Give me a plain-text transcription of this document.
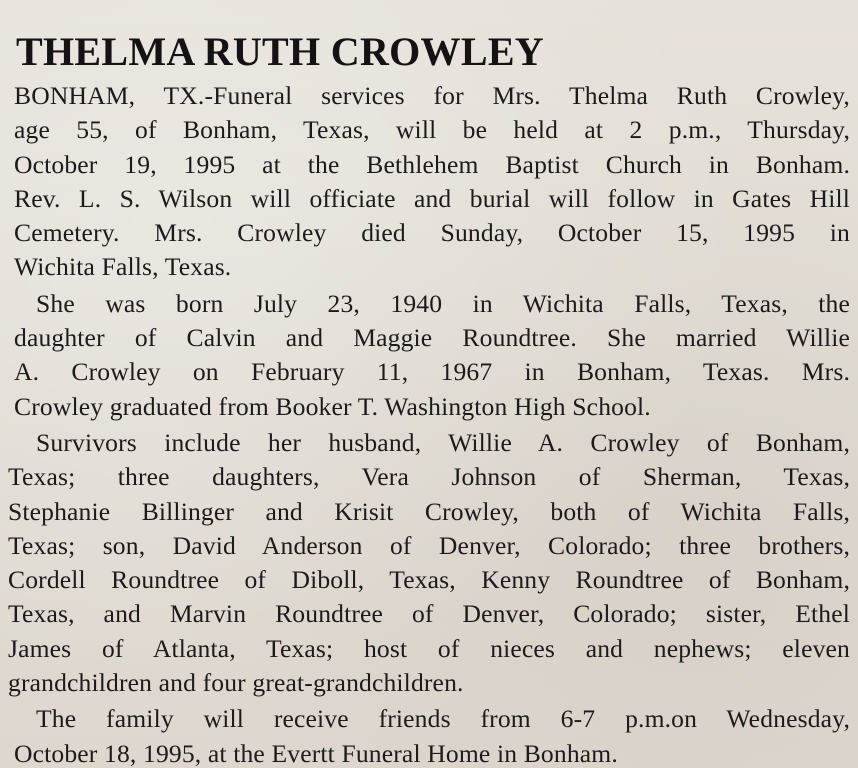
THELMA RUTH CROWLEY

BONHAM, TX.-Funeral services for Mrs. Thelma Ruth Crowley,
age 55, of Bonham, Texas, will be held at 2 p.m., Thursday,
October 19, 1995 at the Bethlehem Baptist Church in Bonham.
Rev. L. S. Wilson will officiate and burial will follow in Gates Hill
Cemetery. Mrs. Crowley died Sunday, October 15, 1995 in
Wichita Falls, Texas.

She was born July 23, 1940 in Wichita Falls, Texas, the
daughter of Calvin and Maggie Roundtree. She married Willie
A. Crowley on February 11, 1967 in Bonham, Texas. Mrs.
Crowley graduated from Booker T. Washington High School.

Survivors include her husband, Willie A. Crowley of Bonham,
Texas; three daughters, Vera Johnson of Sherman, Texas,
Stephanie Billinger and Krisit Crowley, both of Wichita Falls,
Texas; son, David Anderson of Denver, Colorado; three brothers,
Cordell Roundtree of Diboll, Texas, Kenny Roundtree of Bonham,
Texas, and Marvin Roundtree of Denver, Colorado; sister, Ethel
James of Atlanta, Texas; host of nieces and nephews; eleven
grandchildren and four great-grandchildren.

The family will receive friends from 6-7 p.m.on Wednesday,
October 18, 1995, at the Evertt Funeral Home in Bonham.
